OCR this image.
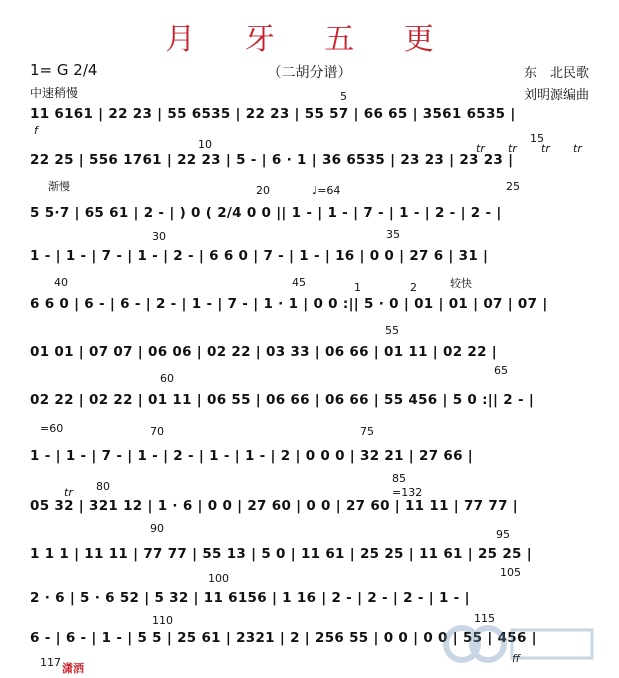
月 牙 五 更
1= G 2/4	（二胡分谱）	东　北民歌
中速稍慢	刘明源编曲
11 6161 | 22 23 | 55 6535 | 22 23 | 55 57 | 66 65 | 3561 6535 |
22 25 | 556 1761 | 22 23 | 5 - | 6 · 1 | 36 6535 | 23 23 | 23 23 |
5 5·7 | 65 61 | 2 - | ) 0 ( 2/4 0 0 || 1 - | 1 - | 7 - | 1 - | 2 - | 2 - |
1 - | 1 - | 7 - | 1 - | 2 - | 6 6 0 | 7 - | 1 - | 16 | 0 0 | 27 6 | 31 |
6 6 0 | 6 - | 6 - | 2 - | 1 - | 7 - | 1 · 1 | 0 0 :|| 5 · 0 | 01 | 01 | 07 | 07 |
01 01 | 07 07 | 06 06 | 02 22 | 03 33 | 06 66 | 01 11 | 02 22 |
02 22 | 02 22 | 01 11 | 06 55 | 06 66 | 06 66 | 55 456 | 5 0 :|| 2 - |
1 - | 1 - | 7 - | 1 - | 2 - | 1 - | 1 - | 2 | 0 0 0 | 32 21 | 27 66 |
05 32 | 321 12 | 1 · 6 | 0 0 | 27 60 | 0 0 | 27 60 | 11 11 | 77 77 |
1 1 1 | 11 11 | 77 77 | 55 13 | 5 0 | 11 61 | 25 25 | 11 61 | 25 25 |
2 · 6 | 5 · 6 52 | 5 32 | 11 6156 | 1 16 | 2 - | 2 - | 2 - | 1 - |
6 - | 6 - | 1 - | 5 5 | 25 61 | 2321 | 2 | 256 55 | 0 0 | 0 0 | 55 | 456 |
5
10	15
20	25
30	35
40	45
55
60
65
70	75
80
85
90	95
100	105
110	115
117
渐慢
较快
♩=64
=60
=132
1	2
f
ff
tr tr tr tr
tr
潇洒
